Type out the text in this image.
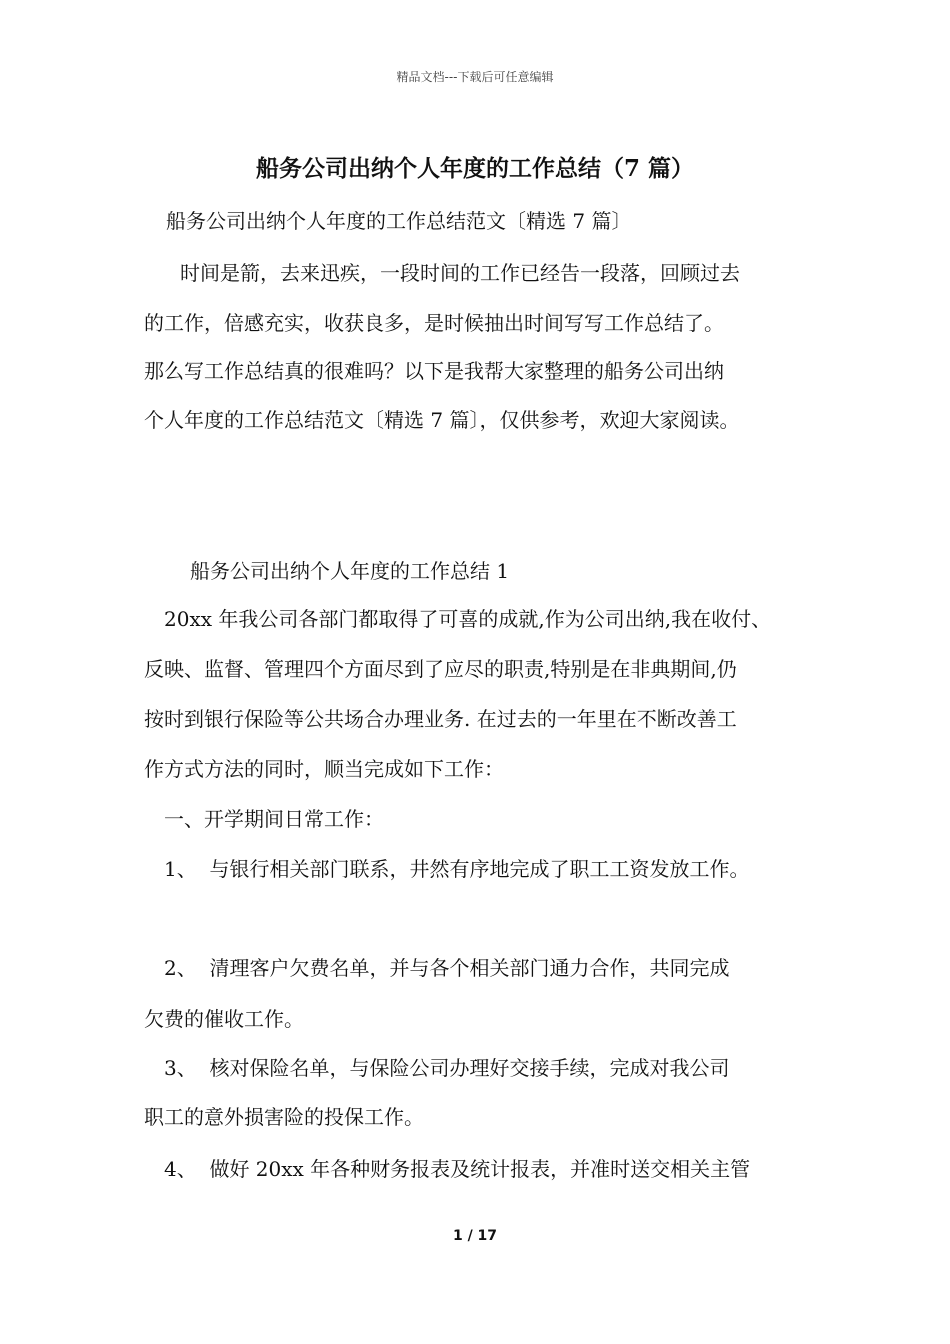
精品文档---下载后可任意编辑
船务公司出纳个人年度的工作总结（7 篇）
船务公司出纳个人年度的工作总结范文〔精选 7 篇〕
时间是箭，去来迅疾，一段时间的工作已经告一段落，回顾过去
的工作，倍感充实，收获良多，是时候抽出时间写写工作总结了。
那么写工作总结真的很难吗？以下是我帮大家整理的船务公司出纳
个人年度的工作总结范文〔精选 7 篇〕，仅供参考，欢迎大家阅读。
船务公司出纳个人年度的工作总结 1
20xx 年我公司各部门都取得了可喜的成就,作为公司出纳,我在收付、
反映、监督、管理四个方面尽到了应尽的职责,特别是在非典期间,仍
按时到银行保险等公共场合办理业务. 在过去的一年里在不断改善工
作方式方法的同时，顺当完成如下工作：
一、开学期间日常工作：
1、  与银行相关部门联系，井然有序地完成了职工工资发放工作。
2、  清理客户欠费名单，并与各个相关部门通力合作，共同完成
欠费的催收工作。
3、  核对保险名单，与保险公司办理好交接手续，完成对我公司
职工的意外损害险的投保工作。
4、  做好 20xx 年各种财务报表及统计报表，并准时送交相关主管
1 / 17
